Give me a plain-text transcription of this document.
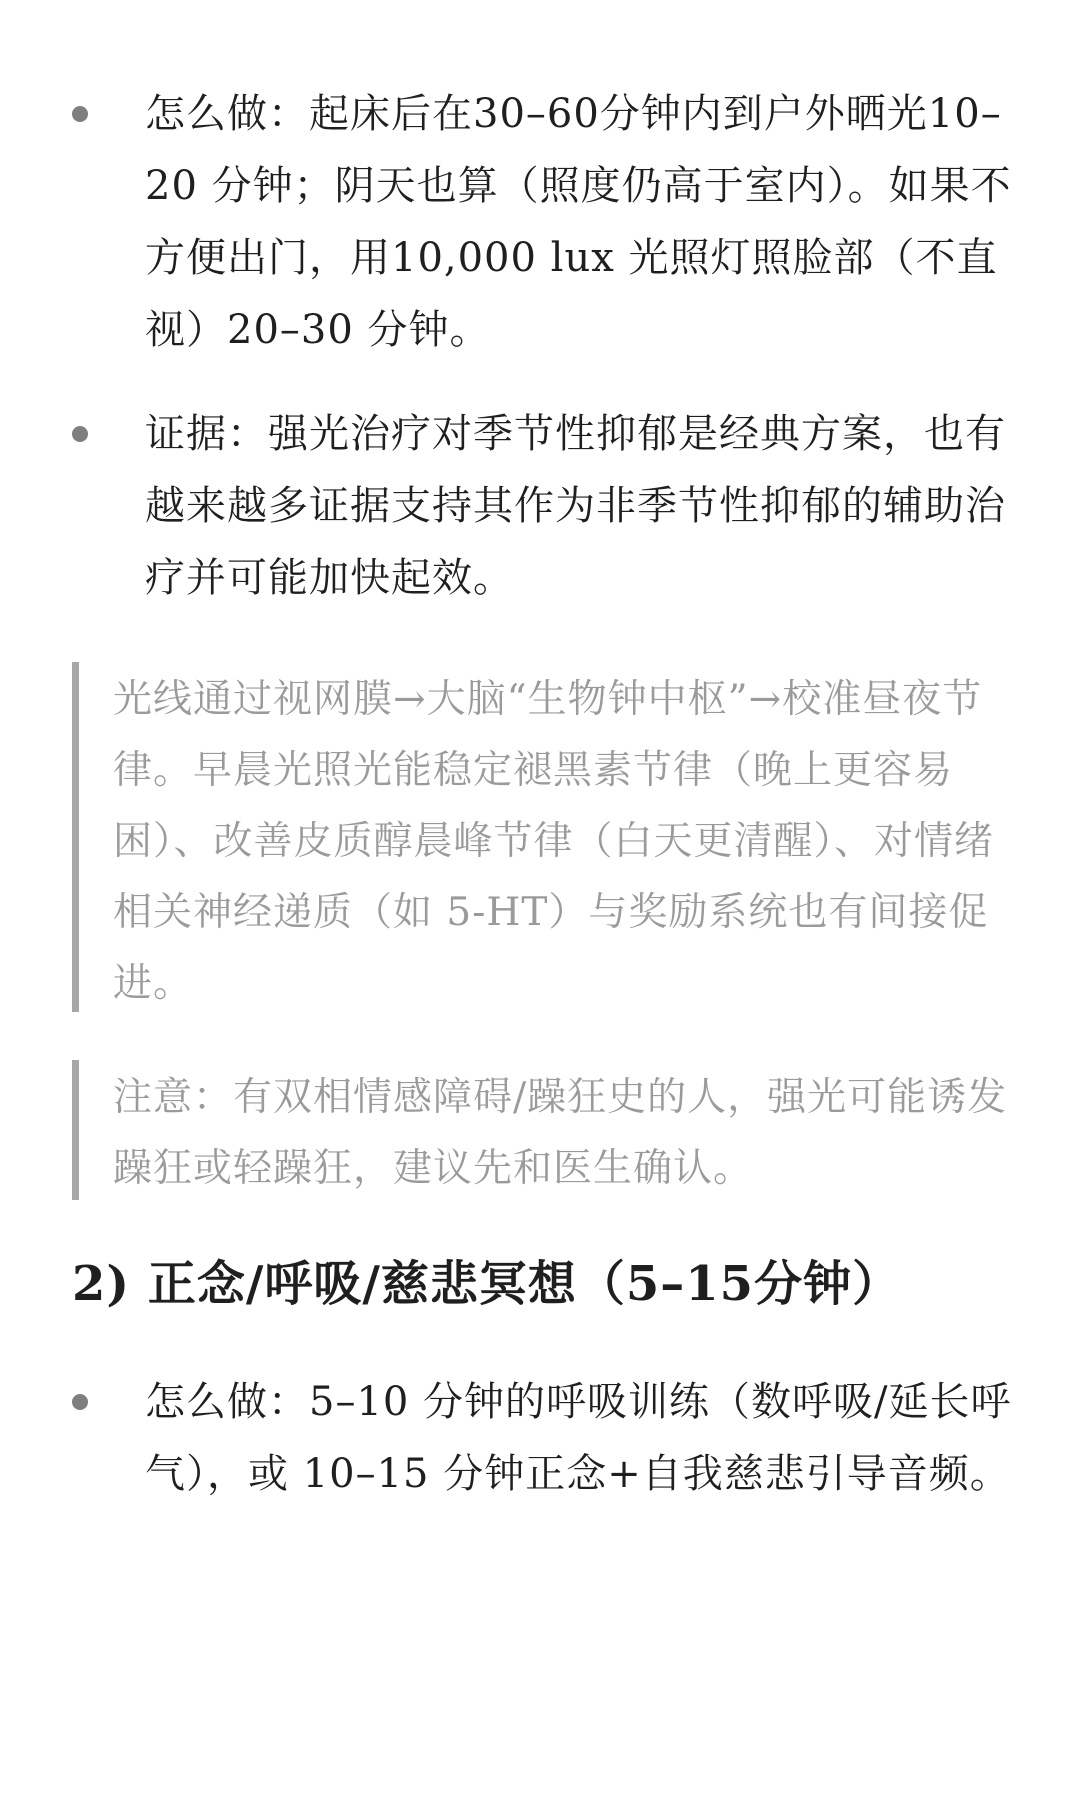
怎么做：起床后在30–60分钟内到户外晒光10–20 分钟；阴天也算（照度仍高于室内）。如果不方便出门，用10,000 lux 光照灯照脸部（不直视）20–30 分钟。
证据：强光治疗对季节性抑郁是经典方案，也有越来越多证据支持其作为非季节性抑郁的辅助治疗并可能加快起效。
光线通过视网膜→大脑“生物钟中枢”→校准昼夜节律。早晨光照光能稳定褪黑素节律（晚上更容易困）、改善皮质醇晨峰节律（白天更清醒）、对情绪相关神经递质（如 5-HT）与奖励系统也有间接促进。
注意：有双相情感障碍/躁狂史的人，强光可能诱发躁狂或轻躁狂，建议先和医生确认。
2) 正念/呼吸/慈悲冥想（5–15分钟）
怎么做：5–10 分钟的呼吸训练（数呼吸/延长呼气），或 10–15 分钟正念+自我慈悲引导音频。
